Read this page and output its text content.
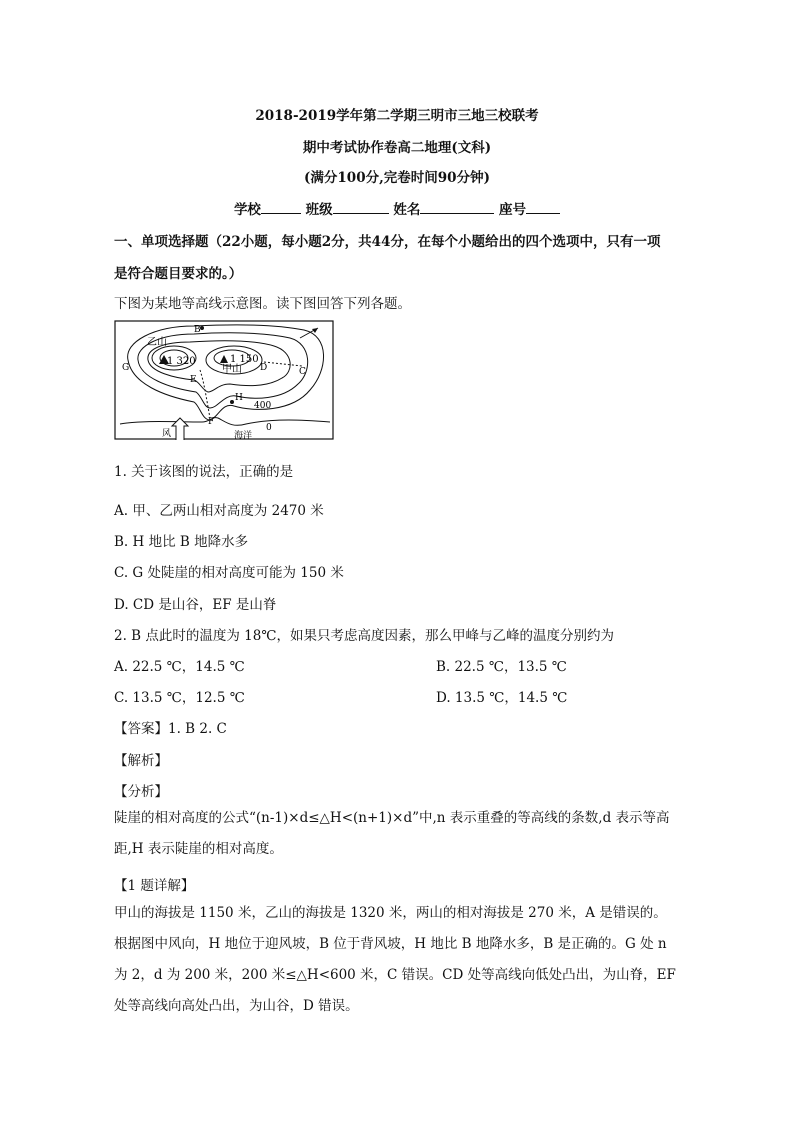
2018-2019学年第二学期三明市三地三校联考
期中考试协作卷高二地理(文科)
(满分100分,完卷时间90分钟)
学校	班级	姓名	座号
一、单项选择题（22小题，每小题2分，共44分，在每个小题给出的四个选项中，只有一项
是符合题目要求的。）
下图为某地等高线示意图。读下图回答下列各题。
乙山
1 320	1 150
甲山
B
C
D
E
F
G
H
400
0
风	海洋
1. 关于该图的说法，正确的是
A. 甲、乙两山相对高度为 2470 米
B. H 地比 B 地降水多
C. G 处陡崖的相对高度可能为 150 米
D. CD 是山谷，EF 是山脊
2. B 点此时的温度为 18℃，如果只考虑高度因素，那么甲峰与乙峰的温度分别约为
A. 22.5 ℃，14.5 ℃	B. 22.5 ℃，13.5 ℃
C. 13.5 ℃，12.5 ℃	D. 13.5 ℃，14.5 ℃
【答案】1. B 2. C
【解析】
【分析】
陡崖的相对高度的公式“(n-1)×d≤△H<(n+1)×d”中,n 表示重叠的等高线的条数,d 表示等高距,H 表示陡崖的相对高度。
【1 题详解】
甲山的海拔是 1150 米，乙山的海拔是 1320 米，两山的相对海拔是 270 米，A 是错误的。根据图中风向，H 地位于迎风坡，B 位于背风坡，H 地比 B 地降水多，B 是正确的。G 处 n 为 2，d 为 200 米，200 米≤△H<600 米，C 错误。CD 处等高线向低处凸出，为山脊，EF 处等高线向高处凸出，为山谷，D 错误。
